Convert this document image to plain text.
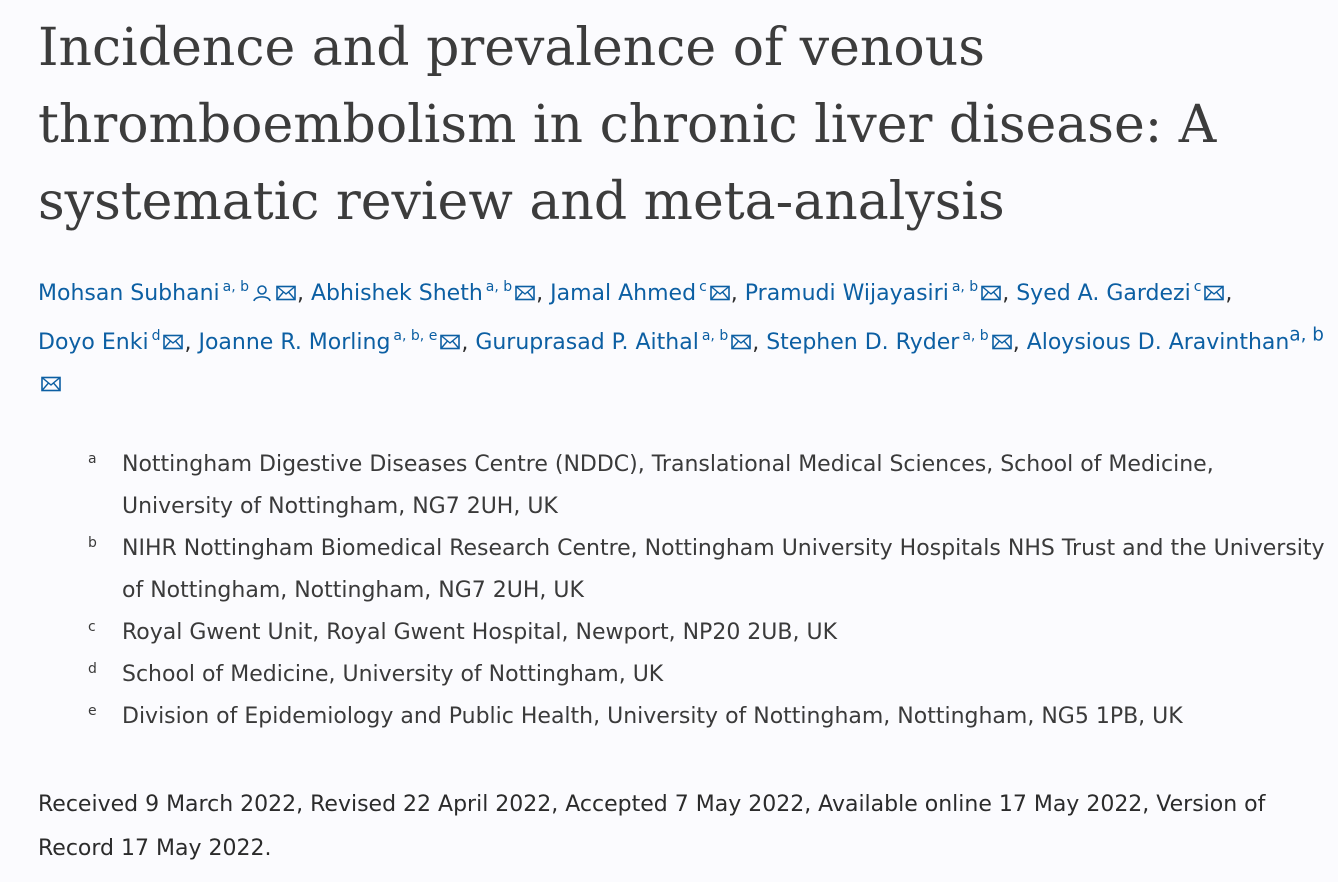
Incidence and prevalence of venous thromboembolism in chronic liver disease: A systematic review and meta-analysis
Mohsan Subhani $^{a, b}$ , Abhishek Sheth $^{a, b}$ , Jamal Ahmed $^c$ , Pramudi Wijayasiri $^{a, b}$ , Syed A. Gardezi $^c$ ,
Doyo Enki $^d$ , Joanne R. Morling $^{a, b, e}$ , Guruprasad P. Aithal $^{a, b}$ , Stephen D. Ryder $^{a, b}$ , Aloysious D. Aravinthan$^{a, b}$
a	Nottingham Digestive Diseases Centre (NDDC), Translational Medical Sciences, School of Medicine, University of Nottingham, NG7 2UH, UK
b	NIHR Nottingham Biomedical Research Centre, Nottingham University Hospitals NHS Trust and the University of Nottingham, Nottingham, NG7 2UH, UK
c	Royal Gwent Unit, Royal Gwent Hospital, Newport, NP20 2UB, UK
d	School of Medicine, University of Nottingham, UK
e	Division of Epidemiology and Public Health, University of Nottingham, Nottingham, NG5 1PB, UK
Received 9 March 2022, Revised 22 April 2022, Accepted 7 May 2022, Available online 17 May 2022, Version of Record 17 May 2022.
